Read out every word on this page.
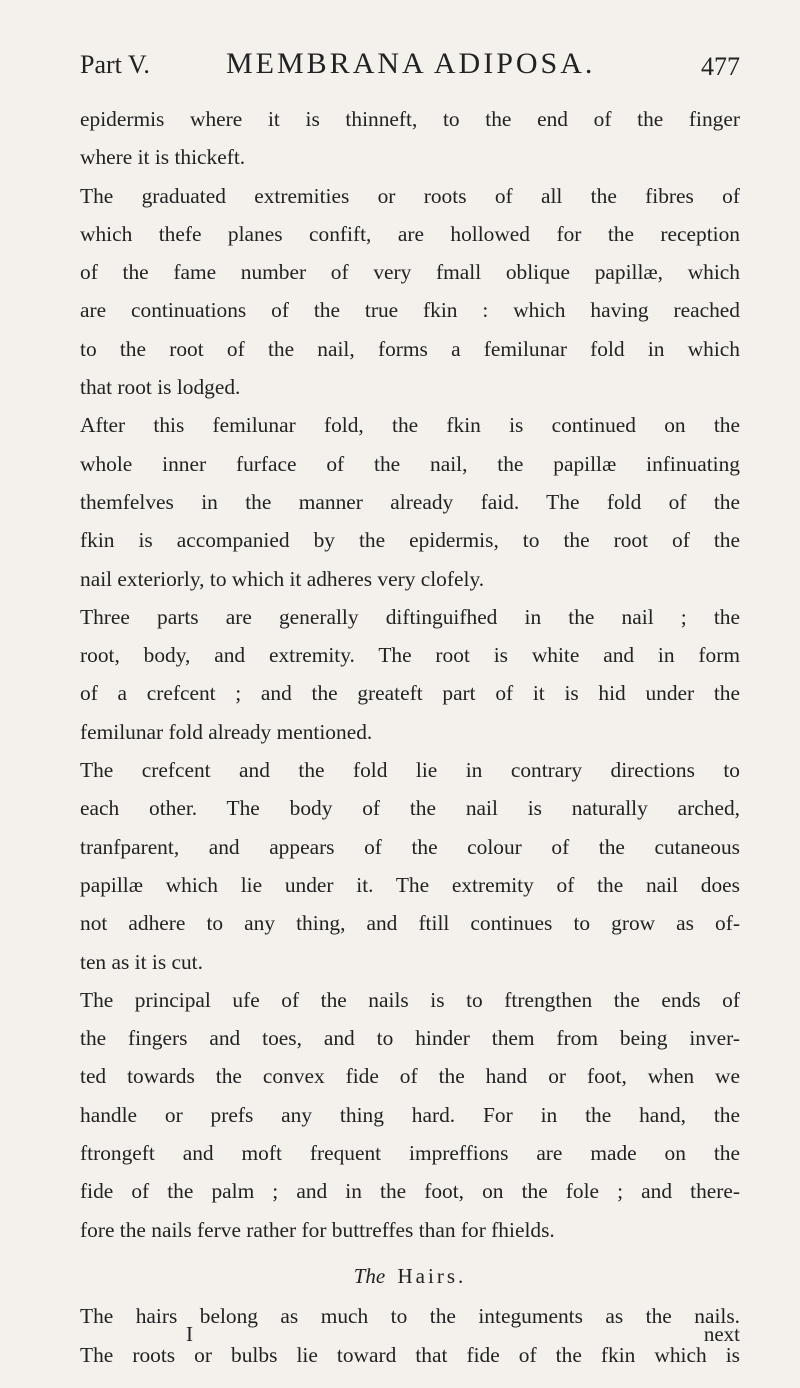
Part V.	MEMBRANA ADIPOSA.	477
epidermis where it is thinneft, to the end of the finger
where it is thickeft.
The graduated extremities or roots of all the fibres of
which thefe planes confift, are hollowed for the reception
of the fame number of very fmall oblique papillæ, which
are continuations of the true fkin : which having reached
to the root of the nail, forms a femilunar fold in which
that root is lodged.
After this femilunar fold, the fkin is continued on the
whole inner furface of the nail, the papillæ infinuating
themfelves in the manner already faid. The fold of the
fkin is accompanied by the epidermis, to the root of the
nail exteriorly, to which it adheres very clofely.
Three parts are generally diftinguifhed in the nail ; the
root, body, and extremity. The root is white and in form
of a crefcent ; and the greateft part of it is hid under the
femilunar fold already mentioned.
The crefcent and the fold lie in contrary directions to
each other. The body of the nail is naturally arched,
tranfparent, and appears of the colour of the cutaneous
papillæ which lie under it. The extremity of the nail does
not adhere to any thing, and ftill continues to grow as of-
ten as it is cut.
The principal ufe of the nails is to ftrengthen the ends of
the fingers and toes, and to hinder them from being inver-
ted towards the convex fide of the hand or foot, when we
handle or prefs any thing hard. For in the hand, the
ftrongeft and moft frequent impreffions are made on the
fide of the palm ; and in the foot, on the fole ; and there-
fore the nails ferve rather for buttreffes than for fhields.
The Hairs.
The hairs belong as much to the integuments as the nails.
The roots or bulbs lie toward that fide of the fkin which is
I	next
